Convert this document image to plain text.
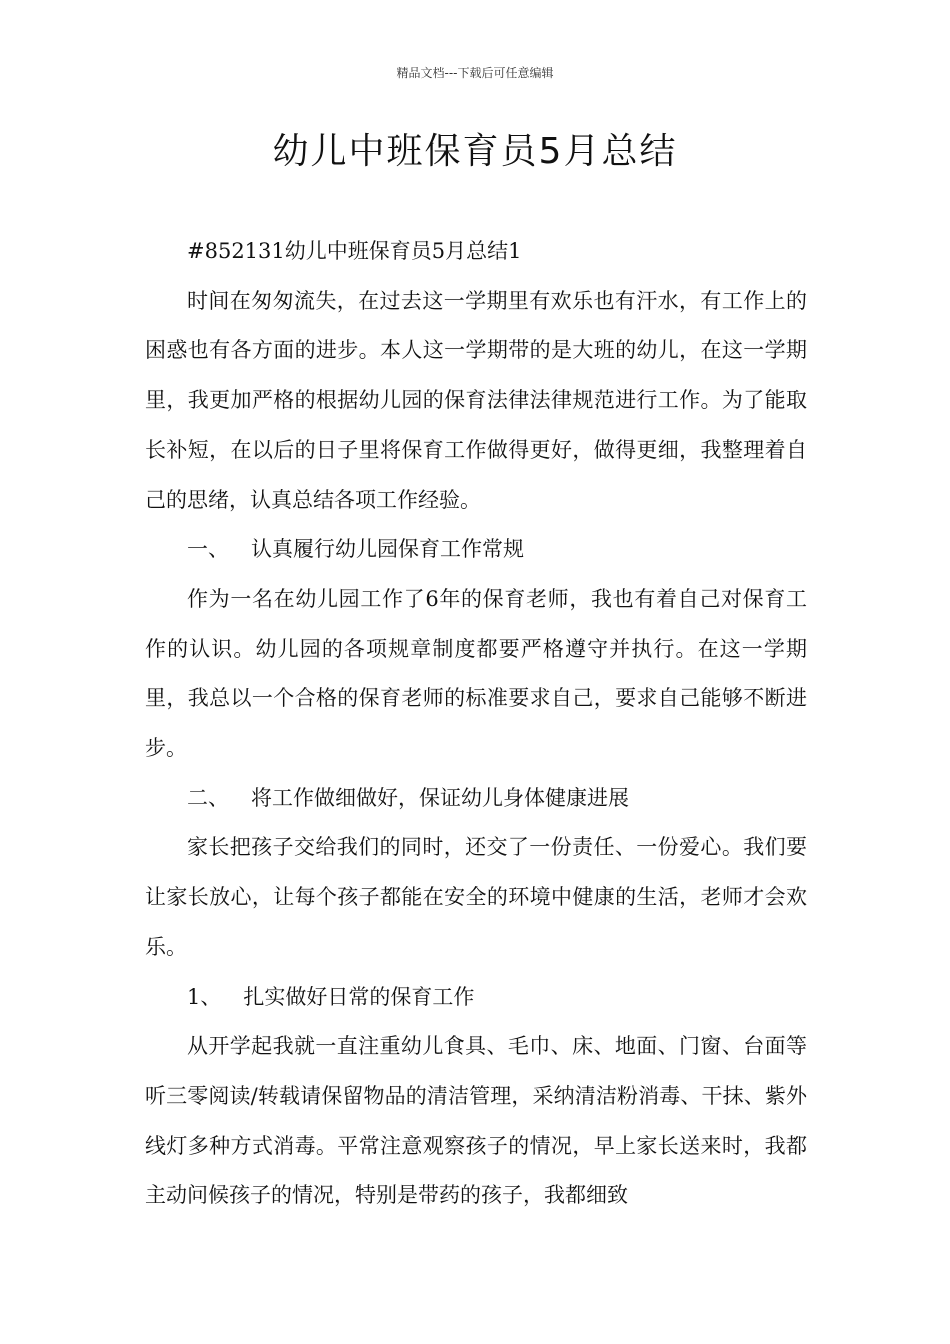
精品文档---下载后可任意编辑
幼儿中班保育员5月总结

#852131幼儿中班保育员5月总结1

时间在匆匆流失，在过去这一学期里有欢乐也有汗水，有工作上的困惑也有各方面的进步。本人这一学期带的是大班的幼儿，在这一学期里，我更加严格的根据幼儿园的保育法律法律规范进行工作。为了能取长补短，在以后的日子里将保育工作做得更好，做得更细，我整理着自己的思绪，认真总结各项工作经验。

一、 认真履行幼儿园保育工作常规

作为一名在幼儿园工作了6年的保育老师，我也有着自己对保育工作的认识。幼儿园的各项规章制度都要严格遵守并执行。在这一学期里，我总以一个合格的保育老师的标准要求自己，要求自己能够不断进步。

二、 将工作做细做好，保证幼儿身体健康进展

家长把孩子交给我们的同时，还交了一份责任、一份爱心。我们要让家长放心，让每个孩子都能在安全的环境中健康的生活，老师才会欢乐。

1、 扎实做好日常的保育工作

从开学起我就一直注重幼儿食具、毛巾、床、地面、门窗、台面等听三零阅读/转载请保留物品的清洁管理，采纳清洁粉消毒、干抹、紫外线灯多种方式消毒。平常注意观察孩子的情况，早上家长送来时，我都主动问候孩子的情况，特别是带药的孩子，我都细致
